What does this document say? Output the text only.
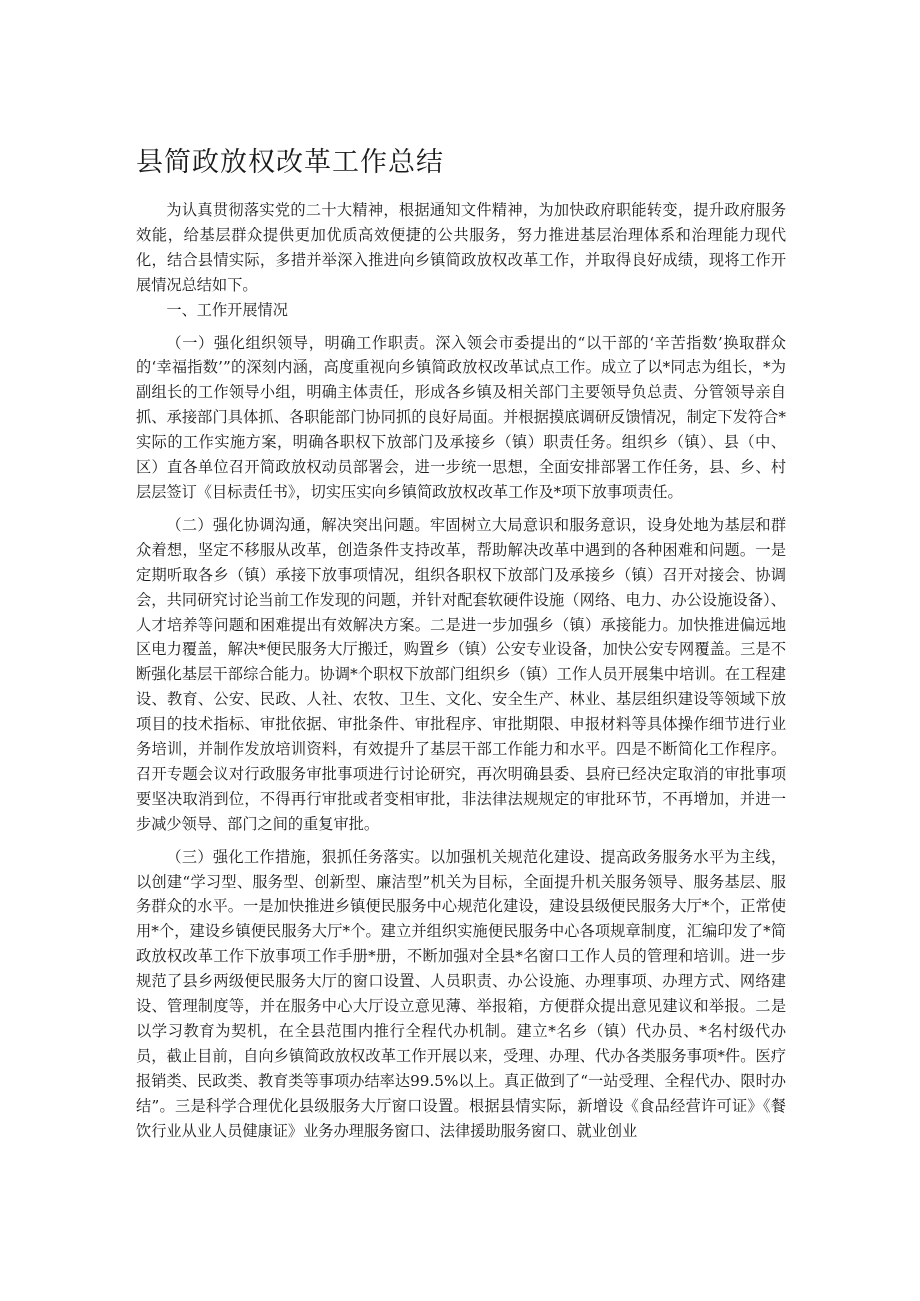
县简政放权改革工作总结

为认真贯彻落实党的二十大精神，根据通知文件精神，为加快政府职能转变，提升政府服务效能，给基层群众提供更加优质高效便捷的公共服务，努力推进基层治理体系和治理能力现代化，结合县情实际，多措并举深入推进向乡镇简政放权改革工作，并取得良好成绩，现将工作开展情况总结如下。

一、工作开展情况

（一）强化组织领导，明确工作职责。深入领会市委提出的“以干部的‘辛苦指数’换取群众的‘幸福指数’”的深刻内涵，高度重视向乡镇简政放权改革试点工作。成立了以*同志为组长，*为副组长的工作领导小组，明确主体责任，形成各乡镇及相关部门主要领导负总责、分管领导亲自抓、承接部门具体抓、各职能部门协同抓的良好局面。并根据摸底调研反馈情况，制定下发符合*实际的工作实施方案，明确各职权下放部门及承接乡（镇）职责任务。组织乡（镇）、县（中、区）直各单位召开简政放权动员部署会，进一步统一思想，全面安排部署工作任务，县、乡、村层层签订《目标责任书》，切实压实向乡镇简政放权改革工作及*项下放事项责任。

（二）强化协调沟通，解决突出问题。牢固树立大局意识和服务意识，设身处地为基层和群众着想，坚定不移服从改革，创造条件支持改革，帮助解决改革中遇到的各种困难和问题。一是定期听取各乡（镇）承接下放事项情况，组织各职权下放部门及承接乡（镇）召开对接会、协调会，共同研究讨论当前工作发现的问题，并针对配套软硬件设施（网络、电力、办公设施设备）、人才培养等问题和困难提出有效解决方案。二是进一步加强乡（镇）承接能力。加快推进偏远地区电力覆盖，解决*便民服务大厅搬迁，购置乡（镇）公安专业设备，加快公安专网覆盖。三是不断强化基层干部综合能力。协调*个职权下放部门组织乡（镇）工作人员开展集中培训。在工程建设、教育、公安、民政、人社、农牧、卫生、文化、安全生产、林业、基层组织建设等领域下放项目的技术指标、审批依据、审批条件、审批程序、审批期限、申报材料等具体操作细节进行业务培训，并制作发放培训资料，有效提升了基层干部工作能力和水平。四是不断简化工作程序。召开专题会议对行政服务审批事项进行讨论研究，再次明确县委、县府已经决定取消的审批事项要坚决取消到位，不得再行审批或者变相审批，非法律法规规定的审批环节，不再增加，并进一步减少领导、部门之间的重复审批。

（三）强化工作措施，狠抓任务落实。以加强机关规范化建设、提高政务服务水平为主线，以创建“学习型、服务型、创新型、廉洁型”机关为目标，全面提升机关服务领导、服务基层、服务群众的水平。一是加快推进乡镇便民服务中心规范化建设，建设县级便民服务大厅*个，正常使用*个，建设乡镇便民服务大厅*个。建立并组织实施便民服务中心各项规章制度，汇编印发了*简政放权改革工作下放事项工作手册*册，不断加强对全县*名窗口工作人员的管理和培训。进一步规范了县乡两级便民服务大厅的窗口设置、人员职责、办公设施、办理事项、办理方式、网络建设、管理制度等，并在服务中心大厅设立意见薄、举报箱，方便群众提出意见建议和举报。二是以学习教育为契机，在全县范围内推行全程代办机制。建立*名乡（镇）代办员、*名村级代办员，截止目前，自向乡镇简政放权改革工作开展以来，受理、办理、代办各类服务事项*件。医疗报销类、民政类、教育类等事项办结率达99.5%以上。真正做到了“一站受理、全程代办、限时办结”。三是科学合理优化县级服务大厅窗口设置。根据县情实际，新增设《食品经营许可证》《餐饮行业从业人员健康证》业务办理服务窗口、法律援助服务窗口、就业创业
